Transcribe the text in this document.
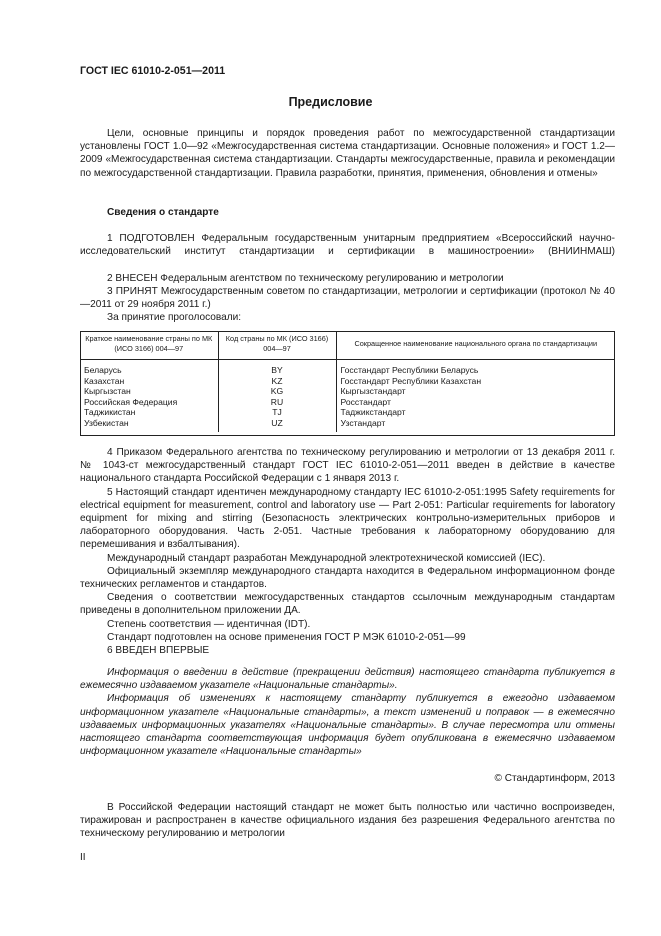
ГОСТ IEC 61010-2-051—2011
Предисловие

Цели, основные принципы и порядок проведения работ по межгосударственной стандартизации установлены ГОСТ 1.0—92 «Межгосударственная система стандартизации. Основные положения» и ГОСТ 1.2—2009 «Межгосударственная система стандартизации. Стандарты межгосударственные, правила и рекомендации по межгосударственной стандартизации. Правила разработки, принятия, применения, обновления и отмены»

Сведения о стандарте

1 ПОДГОТОВЛЕН Федеральным государственным унитарным предприятием «Всероссийский научно-исследовательский институт стандартизации и сертификации в машиностроении» (ВНИИНМАШ)

2 ВНЕСЕН Федеральным агентством по техническому регулированию и метрологии

3 ПРИНЯТ Межгосударственным советом по стандартизации, метрологии и сертификации (протокол № 40—2011 от 29 ноября 2011 г.)

За принятие проголосовали:

Краткое наименование страны по МК (ИСО 3166) 004—97	Код страны по МК (ИСО 3166) 004—97	Сокращенное наименование национального органа по стандартизации
Беларусь	BY	Госстандарт Республики Беларусь
Казахстан	KZ	Госстандарт Республики Казахстан
Кыргызстан	KG	Кыргызстандарт
Российская Федерация	RU	Росстандарт
Таджикистан	TJ	Таджикстандарт
Узбекистан	UZ	Узстандарт

4 Приказом Федерального агентства по техническому регулированию и метрологии от 13 декабря 2011 г. № 1043-ст межгосударственный стандарт ГОСТ IEC 61010-2-051—2011 введен в действие в качестве национального стандарта Российской Федерации с 1 января 2013 г.

5 Настоящий стандарт идентичен международному стандарту IEC 61010-2-051:1995 Safety requirements for electrical equipment for measurement, control and laboratory use — Part 2-051: Particular requirements for laboratory equipment for mixing and stirring (Безопасность электрических контрольно-измерительных приборов и лабораторного оборудования. Часть 2-051. Частные требования к лабораторному оборудованию для перемешивания и взбалтывания).

Международный стандарт разработан Международной электротехнической комиссией (IEC).

Официальный экземпляр международного стандарта находится в Федеральном информационном фонде технических регламентов и стандартов.

Сведения о соответствии межгосударственных стандартов ссылочным международным стандартам приведены в дополнительном приложении ДА.

Степень соответствия — идентичная (IDT).

Стандарт подготовлен на основе применения ГОСТ Р МЭК 61010-2-051—99

6 ВВЕДЕН ВПЕРВЫЕ

Информация о введении в действие (прекращении действия) настоящего стандарта публикуется в ежемесячно издаваемом указателе «Национальные стандарты».

Информация об изменениях к настоящему стандарту публикуется в ежегодно издаваемом информационном указателе «Национальные стандарты», а текст изменений и поправок — в ежемесячно издаваемых информационных указателях «Национальные стандарты». В случае пересмотра или отмены настоящего стандарта соответствующая информация будет опубликована в ежемесячно издаваемом информационном указателе «Национальные стандарты»

© Стандартинформ, 2013

В Российской Федерации настоящий стандарт не может быть полностью или частично воспроизведен, тиражирован и распространен в качестве официального издания без разрешения Федерального агентства по техническому регулированию и метрологии

II
